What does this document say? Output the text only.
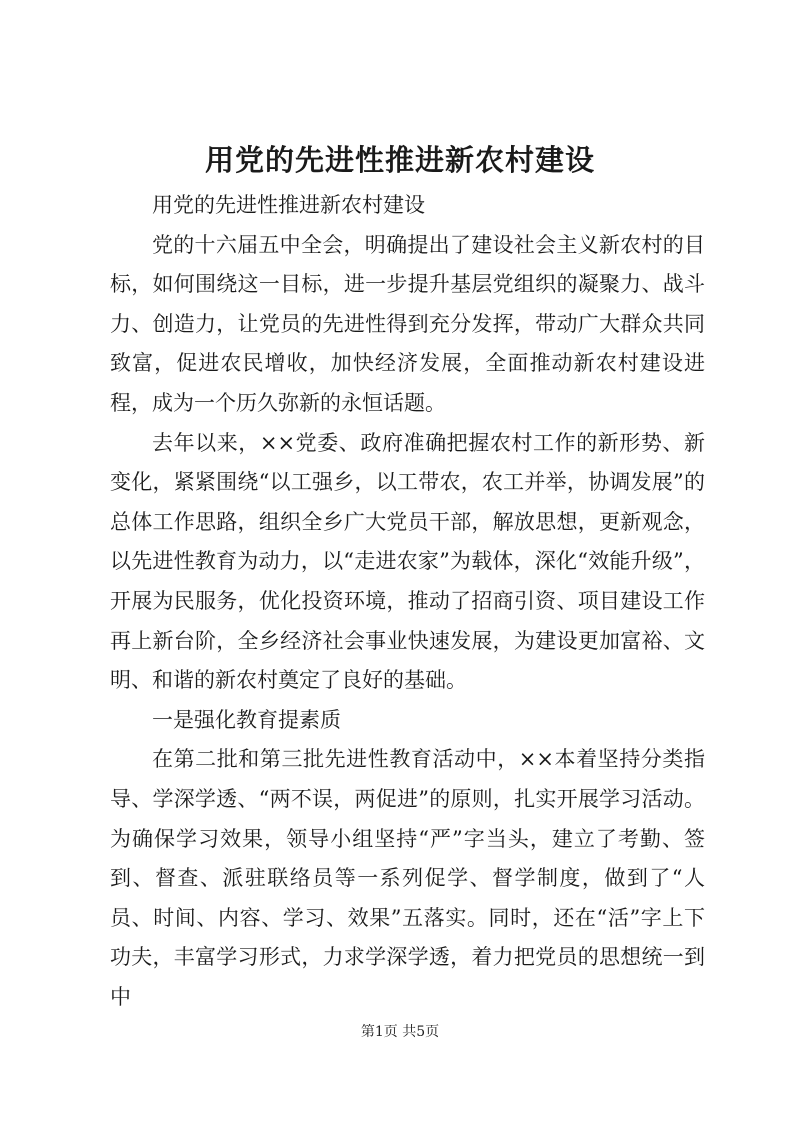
用党的先进性推进新农村建设

用党的先进性推进新农村建设

党的十六届五中全会，明确提出了建设社会主义新农村的目标，如何围绕这一目标，进一步提升基层党组织的凝聚力、战斗力、创造力，让党员的先进性得到充分发挥，带动广大群众共同致富，促进农民增收，加快经济发展，全面推动新农村建设进程，成为一个历久弥新的永恒话题。

去年以来，××党委、政府准确把握农村工作的新形势、新变化，紧紧围绕“以工强乡，以工带农，农工并举，协调发展”的总体工作思路，组织全乡广大党员干部，解放思想，更新观念，以先进性教育为动力，以“走进农家”为载体，深化“效能升级”，开展为民服务，优化投资环境，推动了招商引资、项目建设工作再上新台阶，全乡经济社会事业快速发展，为建设更加富裕、文明、和谐的新农村奠定了良好的基础。

一是强化教育提素质

在第二批和第三批先进性教育活动中，××本着坚持分类指导、学深学透、“两不误，两促进”的原则，扎实开展学习活动。为确保学习效果，领导小组坚持“严”字当头，建立了考勤、签到、督查、派驻联络员等一系列促学、督学制度，做到了“人员、时间、内容、学习、效果”五落实。同时，还在“活”字上下功夫，丰富学习形式，力求学深学透，着力把党员的思想统一到中

第1页 共5页
